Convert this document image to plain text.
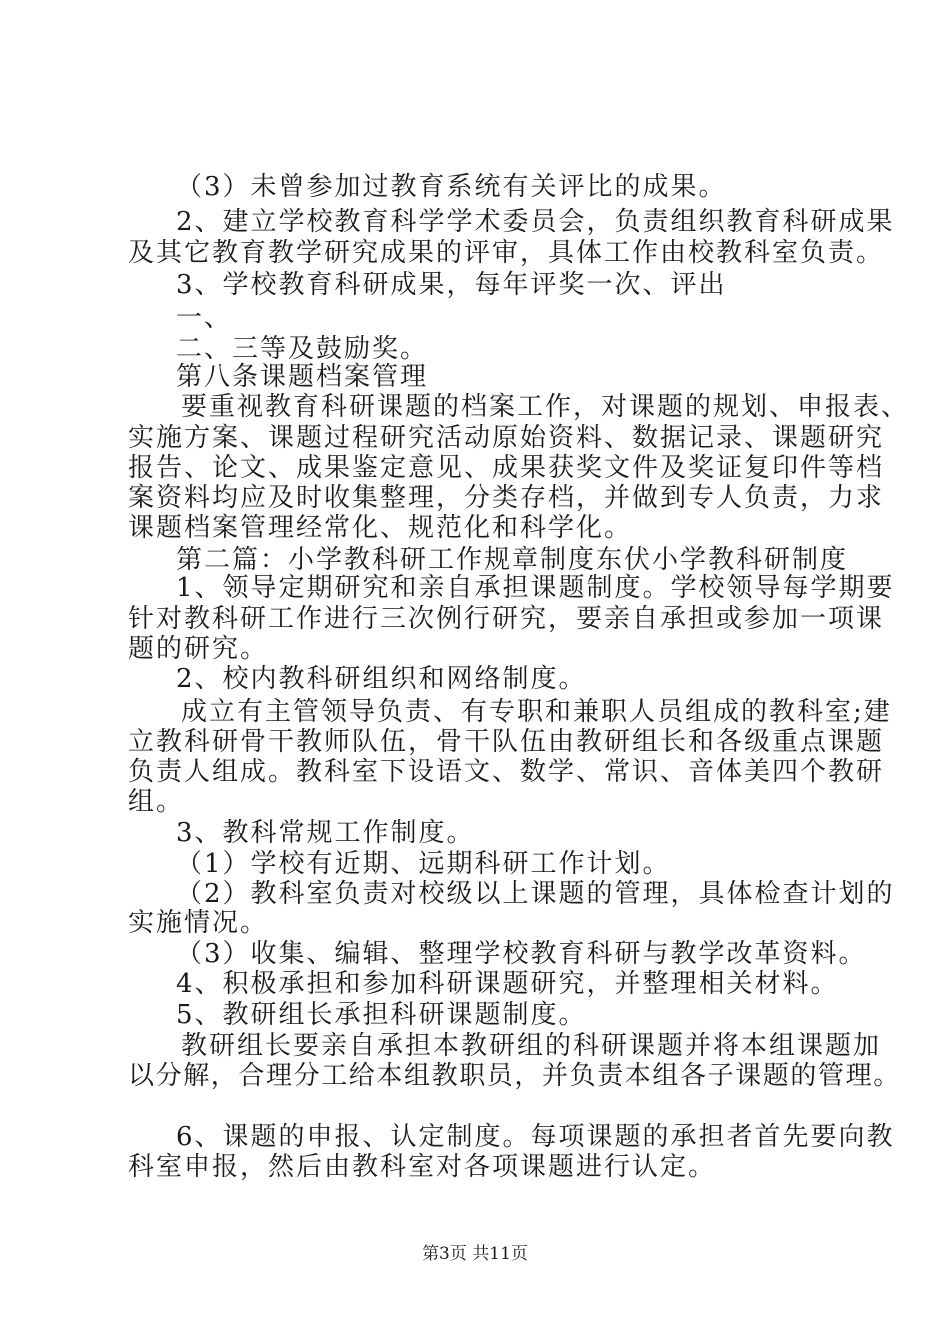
（3）未曾参加过教育系统有关评比的成果。
2、建立学校教育科学学术委员会，负责组织教育科研成果
及其它教育教学研究成果的评审，具体工作由校教科室负责。
3、学校教育科研成果，每年评奖一次、评出
一、
二、三等及鼓励奖。
第八条课题档案管理
要重视教育科研课题的档案工作，对课题的规划、申报表、
实施方案、课题过程研究活动原始资料、数据记录、课题研究
报告、论文、成果鉴定意见、成果获奖文件及奖证复印件等档
案资料均应及时收集整理，分类存档，并做到专人负责，力求
课题档案管理经常化、规范化和科学化。
第二篇：小学教科研工作规章制度东伏小学教科研制度
1、领导定期研究和亲自承担课题制度。学校领导每学期要
针对教科研工作进行三次例行研究，要亲自承担或参加一项课
题的研究。
2、校内教科研组织和网络制度。
成立有主管领导负责、有专职和兼职人员组成的教科室;建
立教科研骨干教师队伍，骨干队伍由教研组长和各级重点课题
负责人组成。教科室下设语文、数学、常识、音体美四个教研
组。
3、教科常规工作制度。
（1）学校有近期、远期科研工作计划。
（2）教科室负责对校级以上课题的管理，具体检查计划的
实施情况。
（3）收集、编辑、整理学校教育科研与教学改革资料。
4、积极承担和参加科研课题研究，并整理相关材料。
5、教研组长承担科研课题制度。
教研组长要亲自承担本教研组的科研课题并将本组课题加
以分解，合理分工给本组教职员，并负责本组各子课题的管理。
6、课题的申报、认定制度。每项课题的承担者首先要向教
科室申报，然后由教科室对各项课题进行认定。
第3页 共11页
